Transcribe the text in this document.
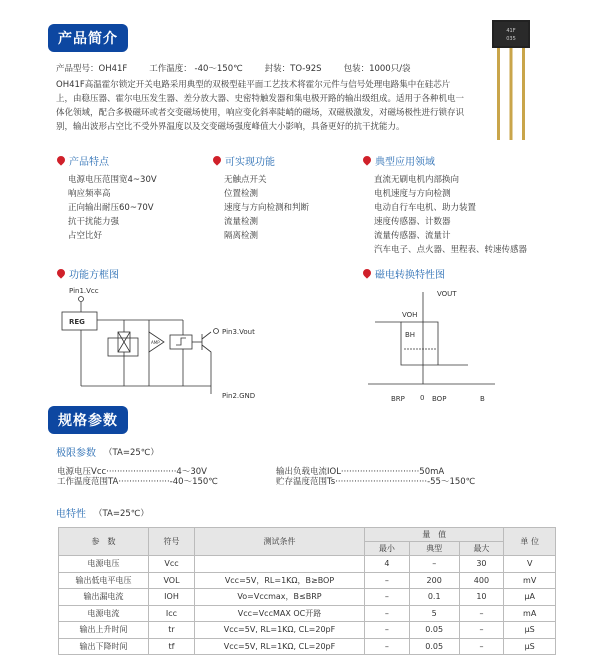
产品简介
产品型号：OH41F	工作温度： -40～150℃	封装：TO-92S	包装：1000只/袋
OH41F高温霍尔锁定开关电路采用典型的双极型硅平面工艺技术将霍尔元件与信号处理电路集中在硅芯片上，由稳压器、霍尔电压发生器、差分放大器、史密特触发器和集电极开路的输出级组成。适用于各种机电一体化领域，配合多极磁环或者交变磁场使用，响应变化斜率陡峭的磁场，双磁极激发，对磁场极性进行锁存识别，输出波形占空比不受外界温度以及交变磁场强度峰值大小影响，具备更好的抗干扰能力。
41F
035
产品特点
电源电压范围宽4~30V
响应频率高
正向输出耐压60~70V
抗干扰能力强
占空比好
可实现功能
无触点开关
位置检测
速度与方向检测和判断
流量检测
隔离检测
典型应用领域
直流无刷电机内部换向
电机速度与方向检测
电动自行车电机、助力装置
速度传感器、计数器
流量传感器、流量计
汽车电子、点火器、里程表、转速传感器
功能方框图
Pin1.Vcc
REG
AMP
Pin3.Vout
Pin2.GND
磁电转换特性图
VOUT
VOH
BH
BRP 0 BOP	B
规格参数
极限参数 （TA=25℃）
电源电压Vcc··························4～30V
工作温度范围TA···················-40～150℃
输出负载电流IOL·····························50mA
贮存温度范围Ts··································-55～150℃
电特性 （TA=25℃）
参　数	符号	测试条件	量　值			单 位
			最小	典型	最大	
电源电压	Vcc		4	–	30	V
输出低电平电压	VOL	Vcc=5V，RL=1KΩ，B≥BOP	–	200	400	mV
输出漏电流	IOH	Vo=Vccmax，B≤BRP	–	0.1	10	μA
电源电流	Icc	Vcc=VccMAX OC开路	–	5	–	mA
输出上升时间	tr	Vcc=5V, RL=1KΩ, CL=20pF	–	0.05	–	μS
输出下降时间	tf	Vcc=5V, RL=1KΩ, CL=20pF	–	0.05	–	μS
